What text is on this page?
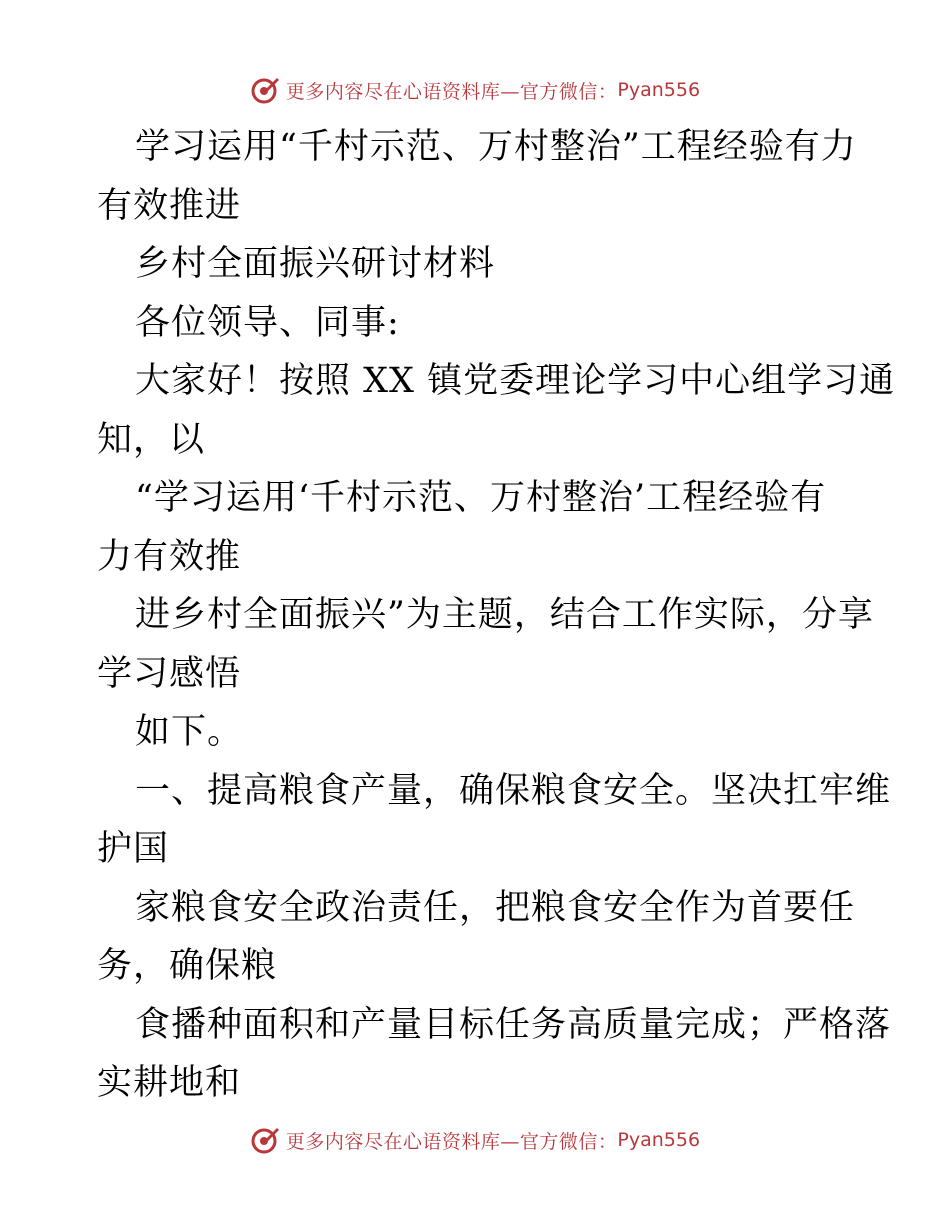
更多内容尽在心语资料库—官方微信： Pyan556
学习运用“千村示范、万村整治”工程经验有力
有效推进
乡村全面振兴研讨材料
各位领导、同事:
大家好！按照 XX 镇党委理论学习中心组学习通
知，以
“学习运用‘千村示范、万村整治’工程经验有
力有效推
进乡村全面振兴”为主题，结合工作实际，分享
学习感悟
如下。
一、提高粮食产量，确保粮食安全。坚决扛牢维
护国
家粮食安全政治责任，把粮食安全作为首要任
务，确保粮
食播种面积和产量目标任务高质量完成；严格落
实耕地和
更多内容尽在心语资料库—官方微信： Pyan556
